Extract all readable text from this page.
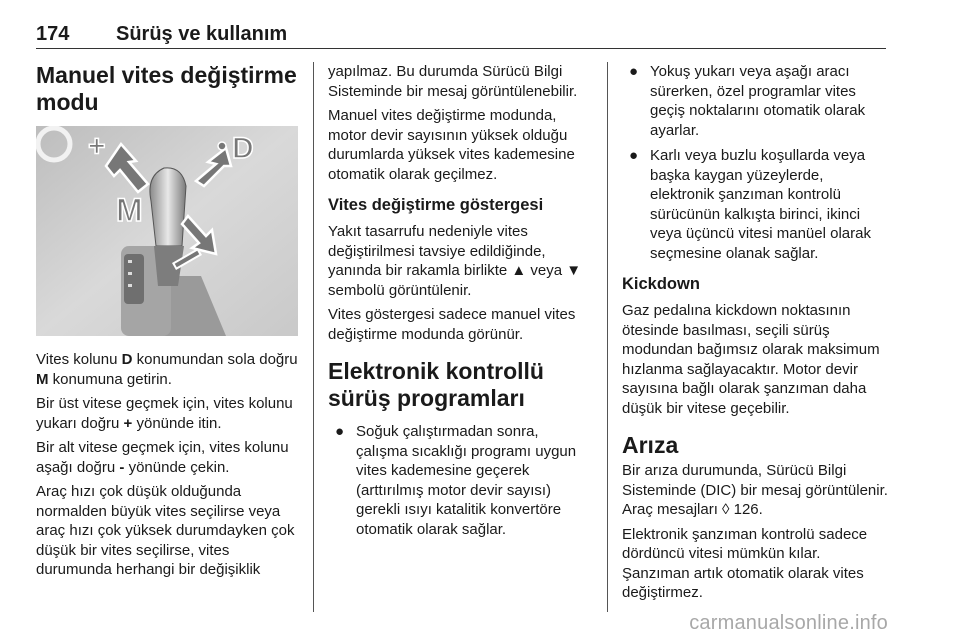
174 Sürüş ve kullanım
Manuel vites değiştirme modu
+	D
M

Vites kolunu D konumundan sola doğru M konumuna getirin.

Bir üst vitese geçmek için, vites kolunu yukarı doğru + yönünde itin.

Bir alt vitese geçmek için, vites kolunu aşağı doğru - yönünde çekin.

Araç hızı çok düşük olduğunda normalden büyük vites seçilirse veya araç hızı çok yüksek durumdayken çok düşük bir vites seçilirse, vites durumunda herhangi bir değişiklik

yapılmaz. Bu durumda Sürücü Bilgi Sisteminde bir mesaj görüntülenebilir.

Manuel vites değiştirme modunda, motor devir sayısının yüksek olduğu durumlarda yüksek vites kademesine otomatik olarak geçilmez.

Vites değiştirme göstergesi

Yakıt tasarrufu nedeniyle vites değiştirilmesi tavsiye edildiğinde, yanında bir rakamla birlikte ▲ veya ▼ sembolü görüntülenir.

Vites göstergesi sadece manuel vites değiştirme modunda görünür.

Elektronik kontrollü sürüş programları
● Soğuk çalıştırmadan sonra, çalışma sıcaklığı programı uygun vites kademesine geçerek (arttırılmış motor devir sayısı) gerekli ısıyı katalitik konvertöre otomatik olarak sağlar.
● Yokuş yukarı veya aşağı aracı sürerken, özel programlar vites geçiş noktalarını otomatik olarak ayarlar.
● Karlı veya buzlu koşullarda veya başka kaygan yüzeylerde, elektronik şanzıman kontrolü sürücünün kalkışta birinci, ikinci veya üçüncü vitesi manüel olarak seçmesine olanak sağlar.
Kickdown

Gaz pedalına kickdown noktasının ötesinde basılması, seçili sürüş modundan bağımsız olarak maksimum hızlanma sağlayacaktır. Motor devir sayısına bağlı olarak şanzıman daha düşük bir vitese geçebilir.

Arıza

Bir arıza durumunda, Sürücü Bilgi Sisteminde (DIC) bir mesaj görüntülenir. Araç mesajları ◊ 126.

Elektronik şanzıman kontrolü sadece dördüncü vitesi mümkün kılar. Şanzıman artık otomatik olarak vites değiştirmez.

carmanualsonline.info
